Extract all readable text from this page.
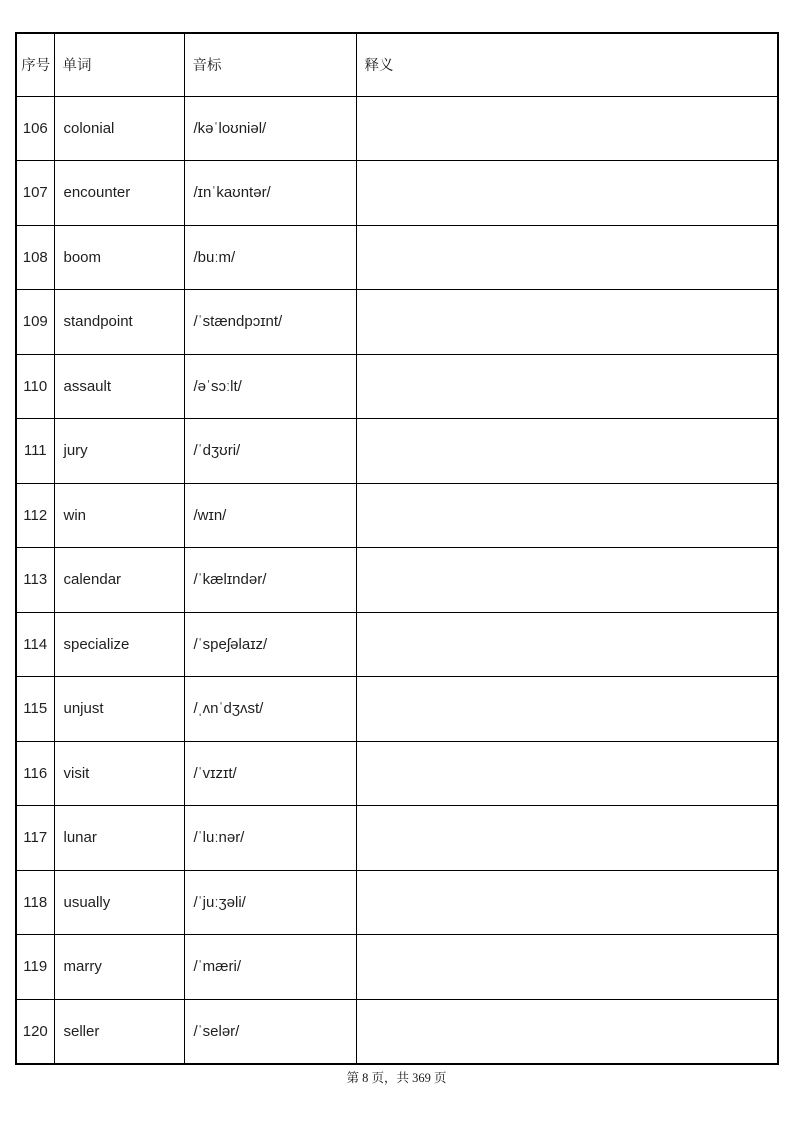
序号	单词	音标	释义
106	colonial	/kəˈloʊniəl/	
107	encounter	/ɪnˈkaʊntər/	
108	boom	/buːm/	
109	standpoint	/ˈstændpɔɪnt/	
110	assault	/əˈsɔːlt/	
111	jury	/ˈdʒʊri/	
112	win	/wɪn/	
113	calendar	/ˈkælɪndər/	
114	specialize	/ˈspeʃəlaɪz/	
115	unjust	/ˌʌnˈdʒʌst/	
116	visit	/ˈvɪzɪt/	
117	lunar	/ˈluːnər/	
118	usually	/ˈjuːʒəli/	
119	marry	/ˈmæri/	
120	seller	/ˈselər/	
第 8 页，共 369 页
